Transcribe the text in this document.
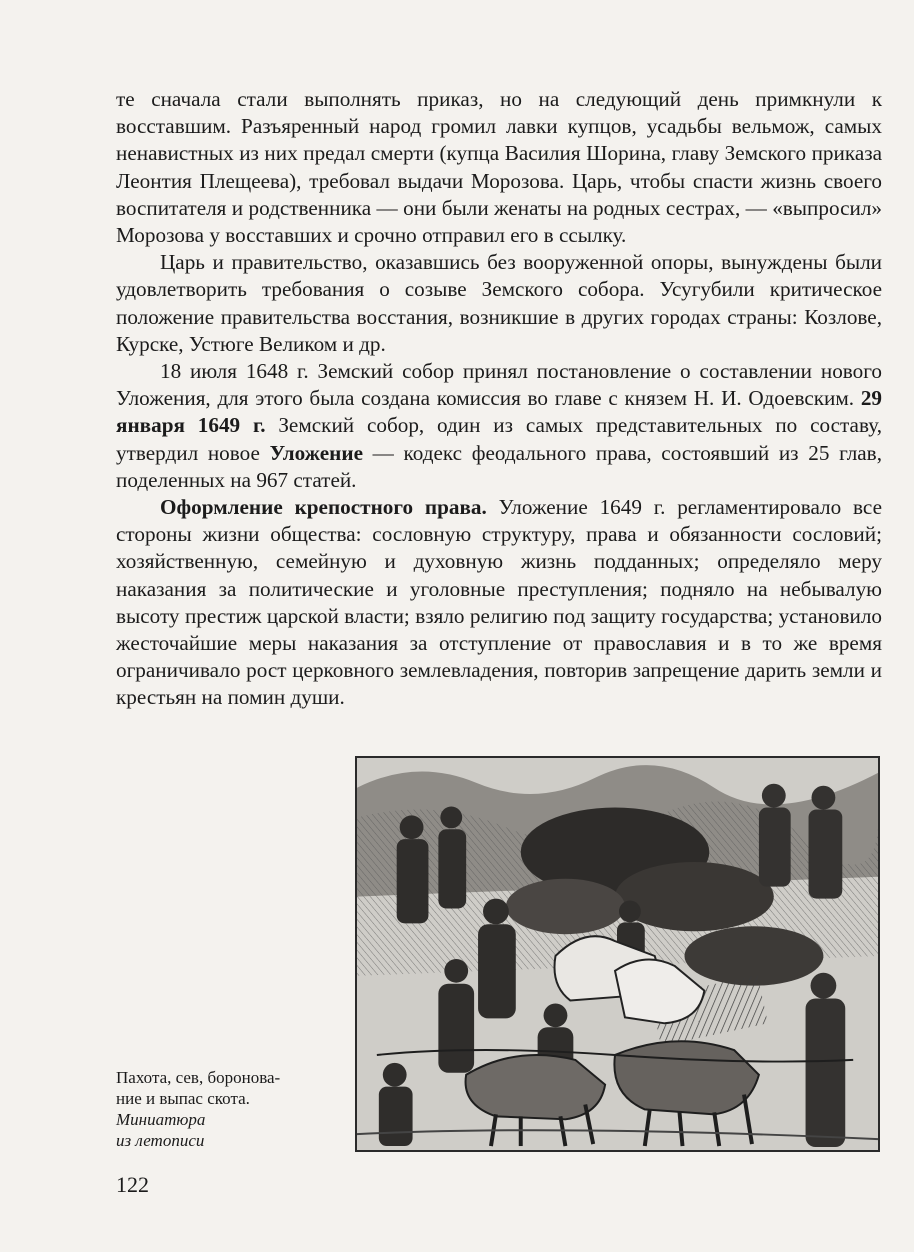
те сначала стали выполнять приказ, но на следующий день примкнули к восставшим. Разъяренный народ громил лавки купцов, усадьбы вельмож, самых ненавистных из них предал смерти (купца Василия Шорина, главу Земского приказа Леонтия Плещеева), требовал выдачи Морозова. Царь, чтобы спасти жизнь своего воспитателя и родственника — они были женаты на родных сестрах, — «выпросил» Морозова у восставших и срочно отправил его в ссылку.

Царь и правительство, оказавшись без вооруженной опоры, вынуждены были удовлетворить требования о созыве Земского собора. Усугубили критическое положение правительства восстания, возникшие в других городах страны: Козлове, Курске, Устюге Великом и др.

18 июля 1648 г. Земский собор принял постановление о составлении нового Уложения, для этого была создана комиссия во главе с князем Н. И. Одоевским. 29 января 1649 г. Земский собор, один из самых представительных по составу, утвердил новое Уложение — кодекс феодального права, состоявший из 25 глав, поделенных на 967 статей.

Оформление крепостного права. Уложение 1649 г. регламентировало все стороны жизни общества: сословную структуру, права и обязанности сословий; хозяйственную, семейную и духовную жизнь подданных; определяло меру наказания за политические и уголовные преступления; подняло на небывалую высоту престиж царской власти; взяло религию под защиту государства; установило жесточайшие меры наказания за отступление от православия и в то же время ограничивало рост церковного землевладения, повторив запрещение дарить земли и крестьян на помин души.

Пахота, сев, боронова-
ние и выпас скота.
Миниатюра
из летописи
122
